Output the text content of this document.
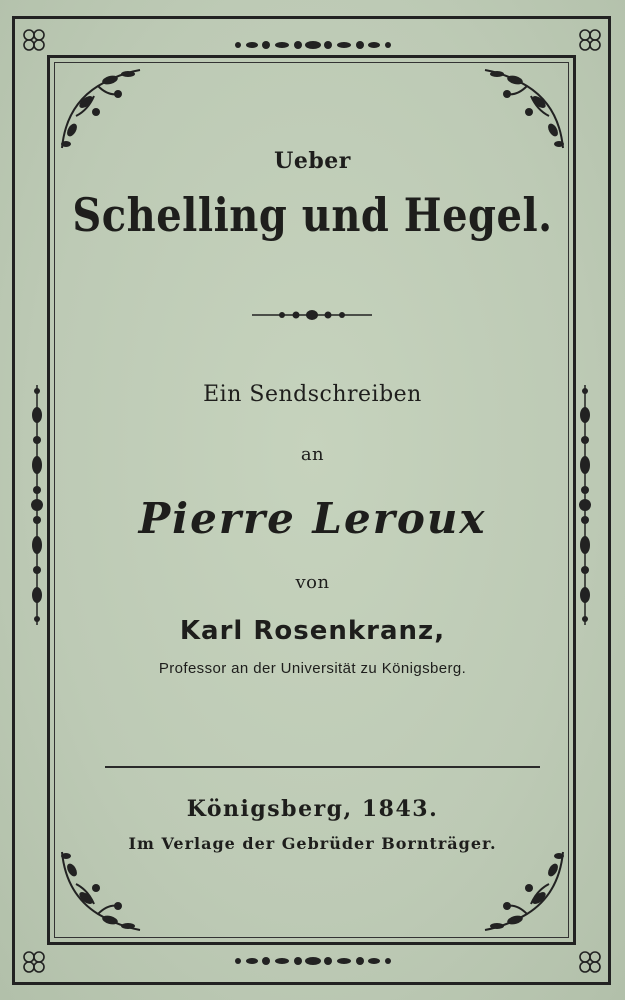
Ueber
Schelling und Hegel.
Ein Sendschreiben
an
Pierre Leroux
von
Karl Rosenkranz,
Professor an der Universität zu Königsberg.
Königsberg, 1843.
Im Verlage der Gebrüder Bornträger.
